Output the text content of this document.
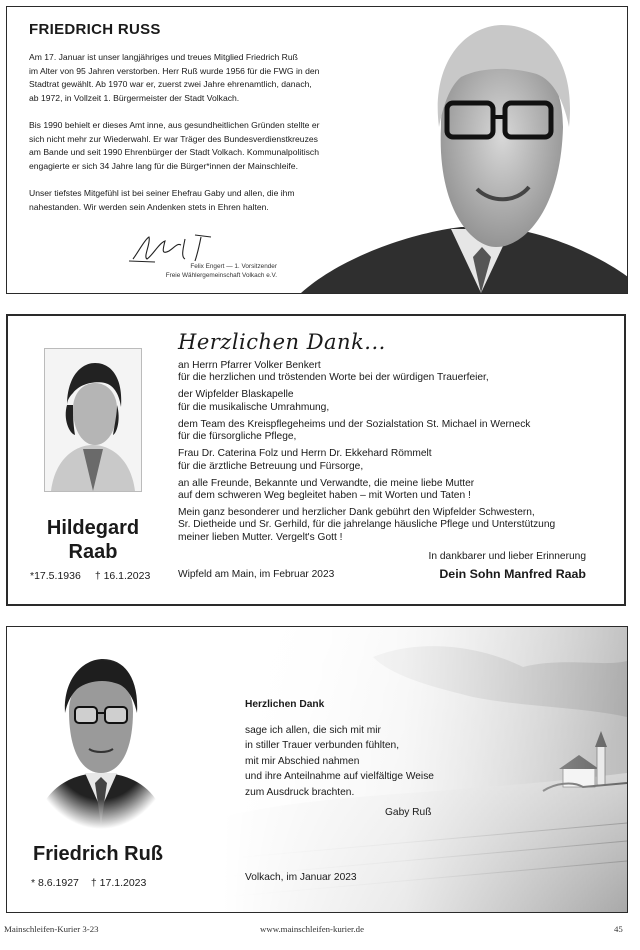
FRIEDRICH RUSS

Am 17. Januar ist unser langjähriges und treues Mitglied Friedrich Ruß
im Alter von 95 Jahren verstorben. Herr Ruß wurde 1956 für die FWG in den
Stadtrat gewählt. Ab 1970 war er, zuerst zwei Jahre ehrenamtlich, danach,
ab 1972, in Vollzeit 1. Bürgermeister der Stadt Volkach.

Bis 1990 behielt er dieses Amt inne, aus gesundheitlichen Gründen stellte er
sich nicht mehr zur Wiederwahl. Er war Träger des Bundesverdienstkreuzes
am Bande und seit 1990 Ehrenbürger der Stadt Volkach. Kommunalpolitisch
engagierte er sich 34 Jahre lang für die Bürger*innen der Mainschleife.

Unser tiefstes Mitgefühl ist bei seiner Ehefrau Gaby und allen, die ihm
nahestanden. Wir werden sein Andenken stets in Ehren halten.

Felix Engert — 1. Vorsitzender
Freie Wählergemeinschaft Volkach e.V.
Hildegard
Raab
*17.5.1936 † 16.1.2023
Herzlichen Dank...
an Herrn Pfarrer Volker Benkert
für die herzlichen und tröstenden Worte bei der würdigen Trauerfeier,
der Wipfelder Blaskapelle
für die musikalische Umrahmung,
dem Team des Kreispflegeheims und der Sozialstation St. Michael in Werneck
für die fürsorgliche Pflege,
Frau Dr. Caterina Folz und Herrn Dr. Ekkehard Römmelt
für die ärztliche Betreuung und Fürsorge,
an alle Freunde, Bekannte und Verwandte, die meine liebe Mutter
auf dem schweren Weg begleitet haben – mit Worten und Taten !
Mein ganz besonderer und herzlicher Dank gebührt den Wipfelder Schwestern,
Sr. Dietheide und Sr. Gerhild, für die jahrelange häusliche Pflege und Unterstützung
meiner lieben Mutter. Vergelt's Gott !
In dankbarer und lieber Erinnerung
Wipfeld am Main, im Februar 2023	Dein Sohn Manfred Raab
Friedrich Ruß
* 8.6.1927 † 17.1.2023
Herzlichen Dank
sage ich allen, die sich mit mir
in stiller Trauer verbunden fühlten,
mit mir Abschied nahmen
und ihre Anteilnahme auf vielfältige Weise
zum Ausdruck brachten.
Gaby Ruß
Volkach, im Januar 2023
Mainschleifen-Kurier 3-23	www.mainschleifen-kurier.de	45
